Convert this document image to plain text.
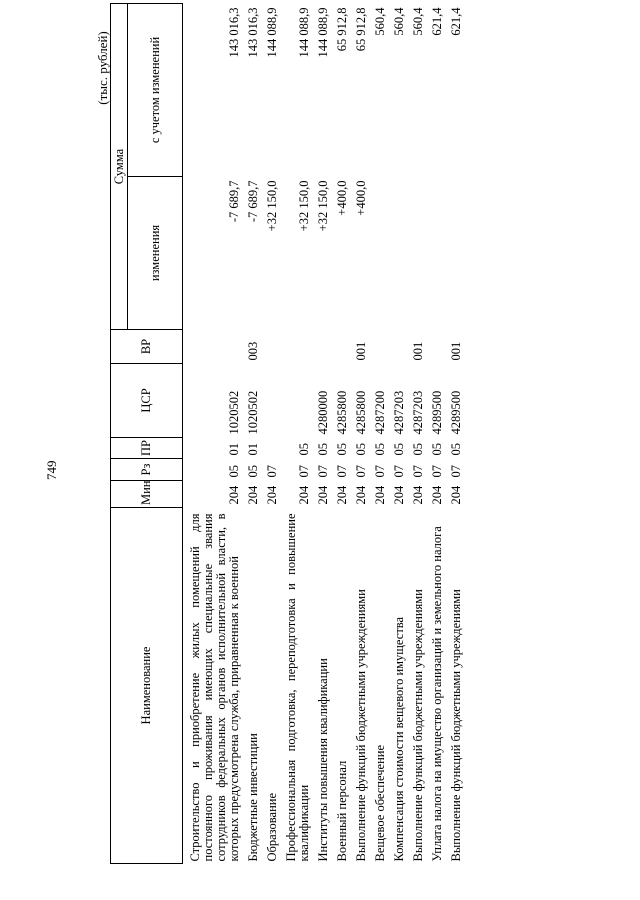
749
(тыс. рублей)
Наименование	Мин	Рз	ПР	ЦСР	ВР	Сумма	
						изменения	с учетом изменений
Строительство и приобретение жилых помещений для постоянного проживания имеющих специальные звания сотрудников федеральных органов исполнительной власти, в которых предусмотрена служба, приравненная к военной	204	05	01	1020502		-7 689,7	143 016,3
Бюджетные инвестиции	204	05	01	1020502	003	-7 689,7	143 016,3
Образование	204	07				+32 150,0	144 088,9
Профессиональная подготовка, переподготовка и повышение квалификации	204	07	05			+32 150,0	144 088,9
Институты повышения квалификации	204	07	05	4280000		+32 150,0	144 088,9
Военный персонал	204	07	05	4285800		+400,0	65 912,8
Выполнение функций бюджетными учреждениями	204	07	05	4285800	001	+400,0	65 912,8
Вещевое обеспечение	204	07	05	4287200			560,4
Компенсация стоимости вещевого имущества	204	07	05	4287203			560,4
Выполнение функций бюджетными учреждениями	204	07	05	4287203	001		560,4
Уплата налога на имущество организаций и земельного налога	204	07	05	4289500			621,4
Выполнение функций бюджетными учреждениями	204	07	05	4289500	001		621,4
